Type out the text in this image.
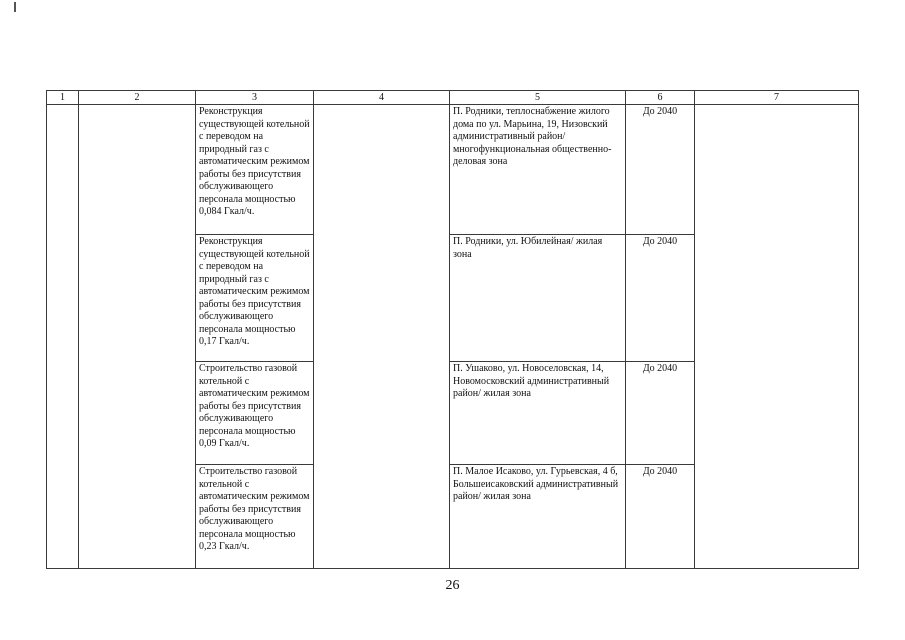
1	2	3	4	5	6	7
		Реконструкция существующей котельной с переводом на природный газ с автоматическим режимом работы без присутствия обслуживающего персонала мощностью 0,084 Гкал/ч.		П. Родники, теплоснабжение жилого дома по ул. Марьина, 19, Низовский административный район/ многофункциональная общественно-деловая зона	До 2040	
		Реконструкция существующей котельной с переводом на природный газ с автоматическим режимом работы без присутствия обслуживающего персонала мощностью 0,17 Гкал/ч.		П. Родники, ул. Юбилейная/ жилая зона	До 2040	
		Строительство газовой котельной с автоматическим режимом работы без присутствия обслуживающего персонала мощностью 0,09 Гкал/ч.		П. Ушаково, ул. Новоселовская, 14, Новомосковский административный район/ жилая зона	До 2040	
		Строительство газовой котельной с автоматическим режимом работы без присутствия обслуживающего персонала мощностью 0,23 Гкал/ч.		П. Малое Исаково, ул. Гурьевская, 4 б, Большеисаковский административный район/ жилая зона	До 2040	
26
